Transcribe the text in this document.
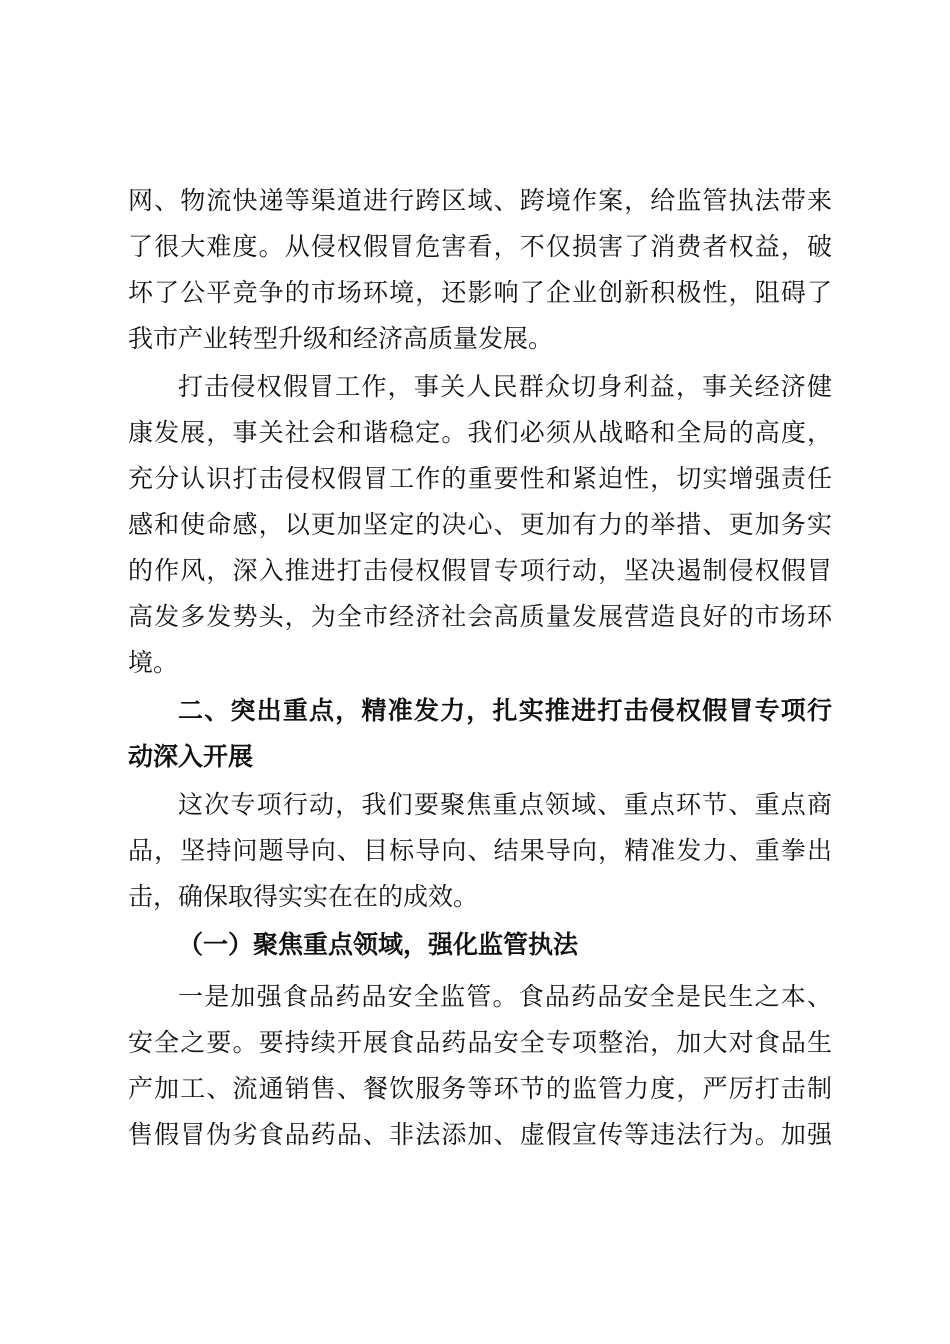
网、物流快递等渠道进行跨区域、跨境作案，给监管执法带来
了很大难度。从侵权假冒危害看，不仅损害了消费者权益，破
坏了公平竞争的市场环境，还影响了企业创新积极性，阻碍了
我市产业转型升级和经济高质量发展。
打击侵权假冒工作，事关人民群众切身利益，事关经济健
康发展，事关社会和谐稳定。我们必须从战略和全局的高度，
充分认识打击侵权假冒工作的重要性和紧迫性，切实增强责任
感和使命感，以更加坚定的决心、更加有力的举措、更加务实
的作风，深入推进打击侵权假冒专项行动，坚决遏制侵权假冒
高发多发势头，为全市经济社会高质量发展营造良好的市场环
境。
二、突出重点，精准发力，扎实推进打击侵权假冒专项行
动深入开展
这次专项行动，我们要聚焦重点领域、重点环节、重点商
品，坚持问题导向、目标导向、结果导向，精准发力、重拳出
击，确保取得实实在在的成效。
（一）聚焦重点领域，强化监管执法
一是加强食品药品安全监管。食品药品安全是民生之本、
安全之要。要持续开展食品药品安全专项整治，加大对食品生
产加工、流通销售、餐饮服务等环节的监管力度，严厉打击制
售假冒伪劣食品药品、非法添加、虚假宣传等违法行为。加强
